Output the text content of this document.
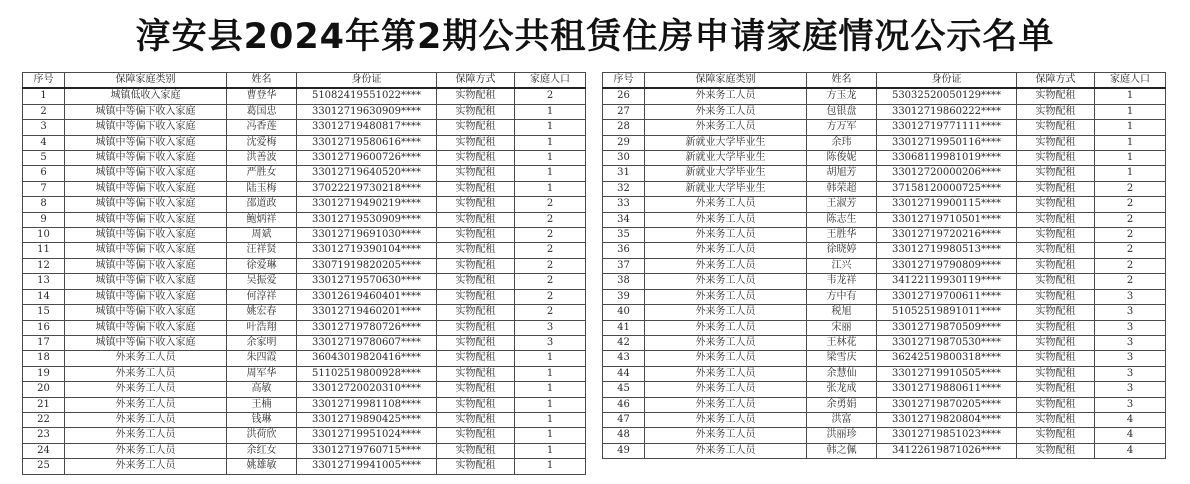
淳安县2024年第2期公共租赁住房申请家庭情况公示名单
序号	保障家庭类别	姓名	身份证	保障方式	家庭人口
1	城镇低收入家庭	曹登华	51082419551022****	实物配租	2
2	城镇中等偏下收入家庭	葛国忠	33012719630909****	实物配租	1
3	城镇中等偏下收入家庭	冯香莲	33012719480817****	实物配租	1
4	城镇中等偏下收入家庭	沈爱梅	33012719580616****	实物配租	1
5	城镇中等偏下收入家庭	洪善波	33012719600726****	实物配租	1
6	城镇中等偏下收入家庭	严胜女	33012719640520****	实物配租	1
7	城镇中等偏下收入家庭	陆玉梅	37022219730218****	实物配租	1
8	城镇中等偏下收入家庭	邵道政	33012719490219****	实物配租	2
9	城镇中等偏下收入家庭	鲍炳祥	33012719530909****	实物配租	2
10	城镇中等偏下收入家庭	周斌	33012719691030****	实物配租	2
11	城镇中等偏下收入家庭	汪祥贤	33012719390104****	实物配租	2
12	城镇中等偏下收入家庭	徐爱琳	33071919820205****	实物配租	2
13	城镇中等偏下收入家庭	吴振爱	33012719570630****	实物配租	2
14	城镇中等偏下收入家庭	何淳祥	33012619460401****	实物配租	2
15	城镇中等偏下收入家庭	姚宏春	33012719460201****	实物配租	2
16	城镇中等偏下收入家庭	叶浩翔	33012719780726****	实物配租	3
17	城镇中等偏下收入家庭	余家明	33012719780607****	实物配租	3
18	外来务工人员	朱四霞	36043019820416****	实物配租	1
19	外来务工人员	周军华	51102519800928****	实物配租	1
20	外来务工人员	高敏	33012720020310****	实物配租	1
21	外来务工人员	王楠	33012719981108****	实物配租	1
22	外来务工人员	钱琳	33012719890425****	实物配租	1
23	外来务工人员	洪荷欣	33012719951024****	实物配租	1
24	外来务工人员	余红女	33012719760715****	实物配租	1
25	外来务工人员	姚雄敏	33012719941005****	实物配租	1
序号	保障家庭类别	姓名	身份证	保障方式	家庭人口
26	外来务工人员	方玉龙	53032520050129****	实物配租	1
27	外来务工人员	包银盘	33012719860222****	实物配租	1
28	外来务工人员	方万军	33012719771111****	实物配租	1
29	新就业大学毕业生	余玮	33012719950116****	实物配租	1
30	新就业大学毕业生	陈俊妮	33068119981019****	实物配租	1
31	新就业大学毕业生	胡旭芳	33012720000206****	实物配租	1
32	新就业大学毕业生	韩荣超	37158120000725****	实物配租	2
33	外来务工人员	王淑芳	33012719900115****	实物配租	2
34	外来务工人员	陈志生	33012719710501****	实物配租	2
35	外来务工人员	王胜华	33012719720216****	实物配租	2
36	外来务工人员	徐晓婷	33012719980513****	实物配租	2
37	外来务工人员	江兴	33012719790809****	实物配租	2
38	外来务工人员	韦龙祥	34122119930119****	实物配租	2
39	外来务工人员	方中有	33012719700611****	实物配租	3
40	外来务工人员	税旭	51052519891011****	实物配租	3
41	外来务工人员	宋丽	33012719870509****	实物配租	3
42	外来务工人员	王林花	33012719870530****	实物配租	3
43	外来务工人员	梁雪庆	36242519800318****	实物配租	3
44	外来务工人员	余慧仙	33012719910505****	实物配租	3
45	外来务工人员	张龙成	33012719880611****	实物配租	3
46	外来务工人员	余勇娟	33012719870205****	实物配租	3
47	外来务工人员	洪富	33012719820804****	实物配租	4
48	外来务工人员	洪丽珍	33012719851023****	实物配租	4
49	外来务工人员	韩之佩	34122619871026****	实物配租	4
